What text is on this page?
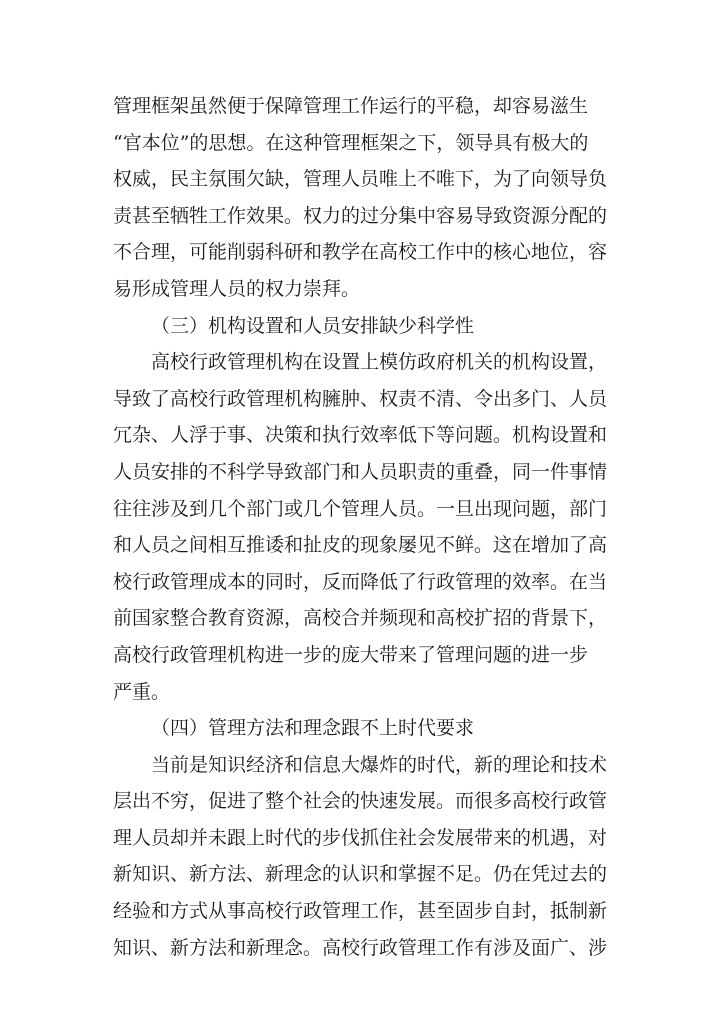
管理框架虽然便于保障管理工作运行的平稳，却容易滋生
“官本位”的思想。在这种管理框架之下，领导具有极大的
权威，民主氛围欠缺，管理人员唯上不唯下，为了向领导负
责甚至牺牲工作效果。权力的过分集中容易导致资源分配的
不合理，可能削弱科研和教学在高校工作中的核心地位，容
易形成管理人员的权力崇拜。
（三）机构设置和人员安排缺少科学性
高校行政管理机构在设置上模仿政府机关的机构设置，
导致了高校行政管理机构臃肿、权责不清、令出多门、人员
冗杂、人浮于事、决策和执行效率低下等问题。机构设置和
人员安排的不科学导致部门和人员职责的重叠，同一件事情
往往涉及到几个部门或几个管理人员。一旦出现问题，部门
和人员之间相互推诿和扯皮的现象屡见不鲜。这在增加了高
校行政管理成本的同时，反而降低了行政管理的效率。在当
前国家整合教育资源，高校合并频现和高校扩招的背景下，
高校行政管理机构进一步的庞大带来了管理问题的进一步
严重。
（四）管理方法和理念跟不上时代要求
当前是知识经济和信息大爆炸的时代，新的理论和技术
层出不穷，促进了整个社会的快速发展。而很多高校行政管
理人员却并未跟上时代的步伐抓住社会发展带来的机遇，对
新知识、新方法、新理念的认识和掌握不足。仍在凭过去的
经验和方式从事高校行政管理工作，甚至固步自封，抵制新
知识、新方法和新理念。高校行政管理工作有涉及面广、涉
